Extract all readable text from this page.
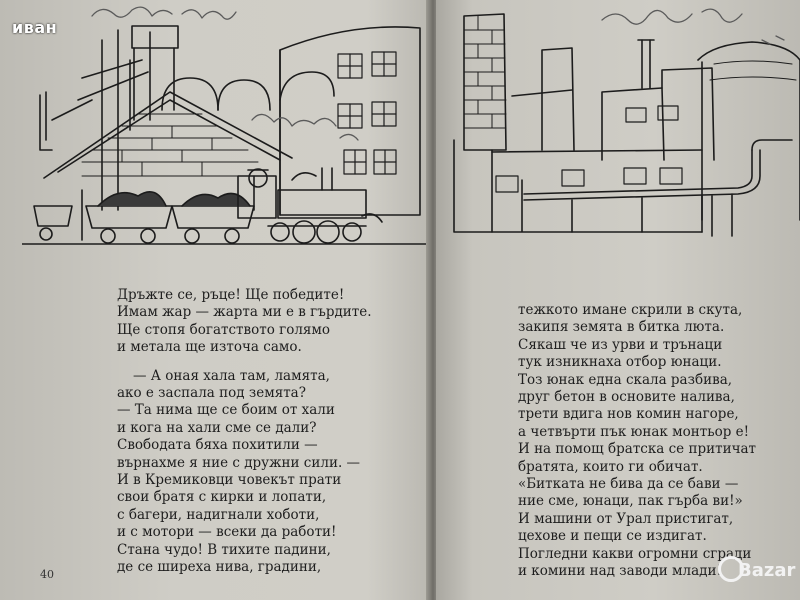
Дръжте се, ръце! Ще победите!
Имам жар — жарта ми е в гърдите.
Ще стопя богатството голямо
и метала ще източа само.
— А оная хала там, ламята,
ако е заспала под земята?
— Та нима ще се боим от хали
и кога на хали сме се дали?
Свободата бяха похитили —
върнахме я ние с дружни сили. —
И в Кремиковци човекът прати
свои братя с кирки и лопати,
с багери, надигнали хоботи,
и с мотори — всеки да работи!
Стана чудо! В тихите падини,
де се ширеха нива, градини,
40
тежкото имане скрили в скута,
закипя земята в битка люта.
Сякаш че из урви и трънаци
тук изникнаха отбор юнаци.
Тоз юнак една скала разбива,
друг бетон в основите налива,
трети вдига нов комин нагоре,
а четвърти пък юнак монтьор е!
И на помощ братска се притичат
братята, които ги обичат.
«Битката не бива да се бави —
ние сме, юнаци, пак гърба ви!»
И машини от Урал пристигат,
цехове и пещи се издигат.
Погледни какви огромни сгради
и комини над заводи млади!
иван
Bazar
